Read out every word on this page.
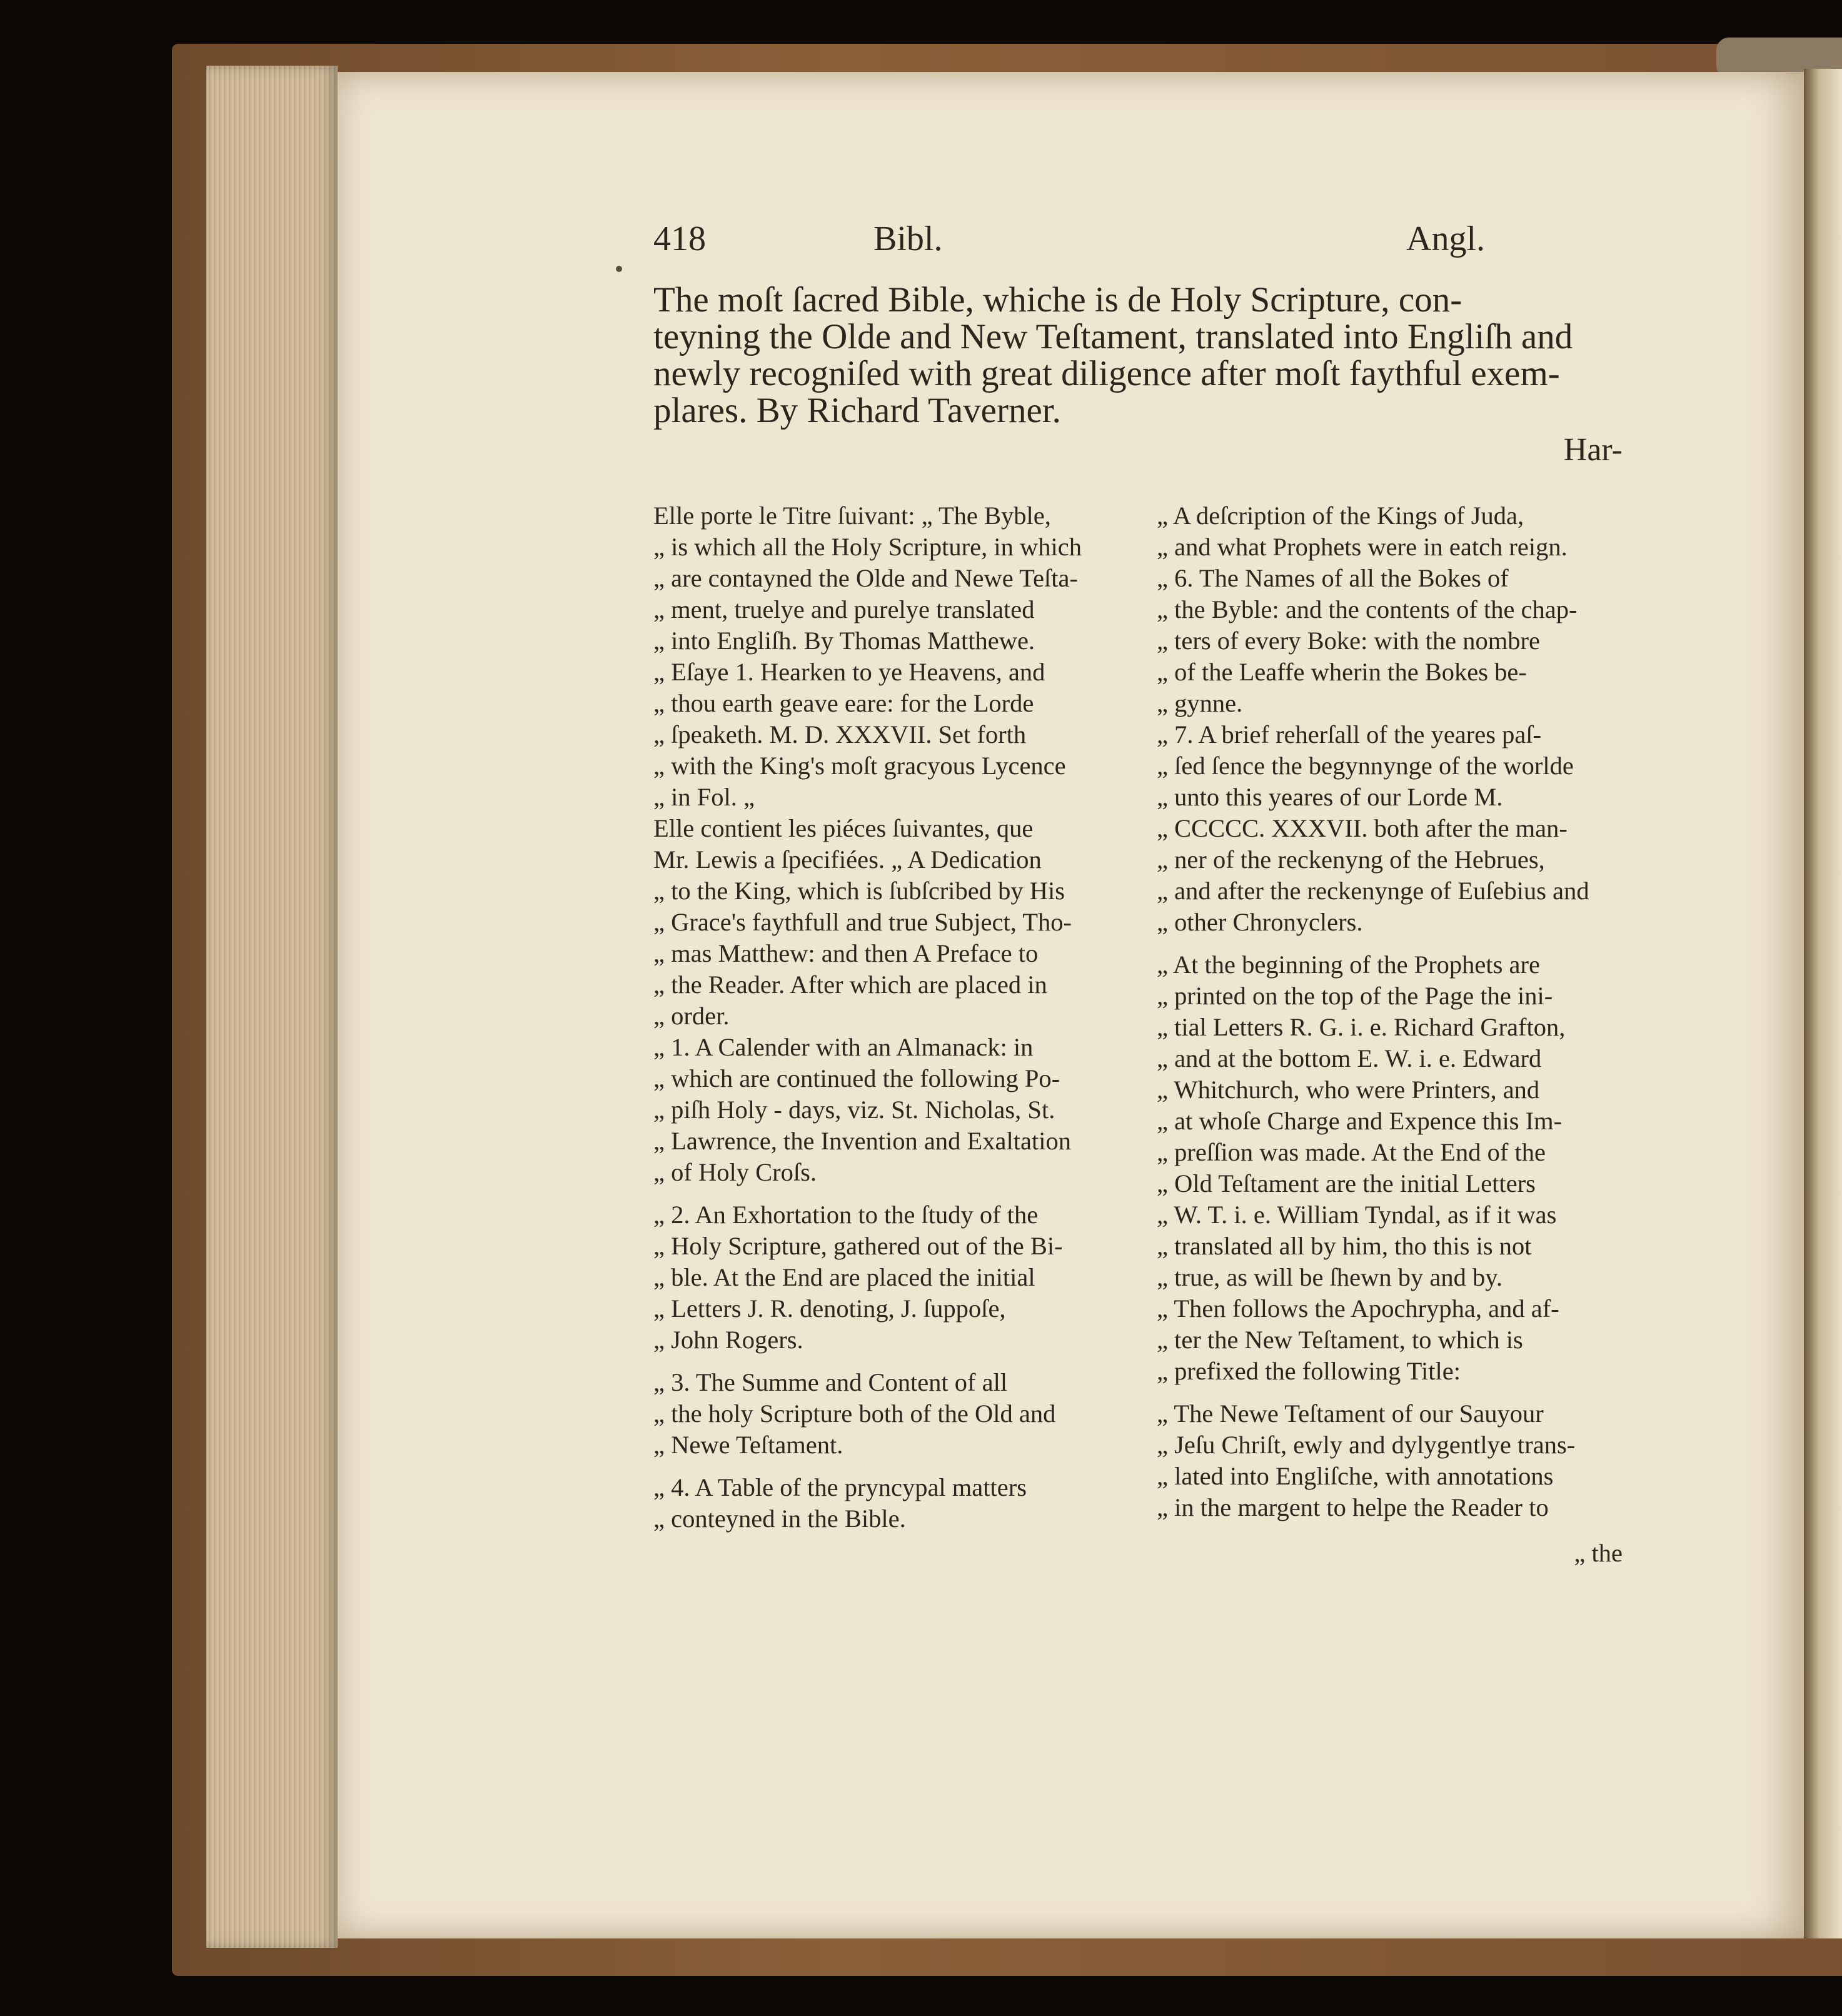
418	Bibl.	Angl.
The moſt ſacred Bible, whiche is de Holy Scripture, con-
teyning the Olde and New Teſtament, translated into Engliſh and
newly recogniſed with great diligence after moſt faythful exem-
plares. By Richard Taverner.
Har-
Elle porte le Titre ſuivant: „ The Byble,
„ is which all the Holy Scripture, in which
„ are contayned the Olde and Newe Teſta-
„ ment, truelye and purelye translated
„ into Engliſh. By Thomas Matthewe.
„ Eſaye 1. Hearken to ye Heavens, and
„ thou earth geave eare: for the Lorde
„ ſpeaketh. M. D. XXXVII. Set forth
„ with the King's moſt gracyous Lycence
„ in Fol. „
Elle contient les piéces ſuivantes, que
Mr. Lewis a ſpecifiées. „ A Dedication
„ to the King, which is ſubſcribed by His
„ Grace's faythfull and true Subject, Tho-
„ mas Matthew: and then A Preface to
„ the Reader. After which are placed in
„ order.
„ 1. A Calender with an Almanack: in
„ which are continued the following Po-
„ piſh Holy - days, viz. St. Nicholas, St.
„ Lawrence, the Invention and Exaltation
„ of Holy Croſs.
„ 2. An Exhortation to the ſtudy of the
„ Holy Scripture, gathered out of the Bi-
„ ble. At the End are placed the initial
„ Letters J. R. denoting, J. ſuppoſe,
„ John Rogers.
„ 3. The Summe and Content of all
„ the holy Scripture both of the Old and
„ Newe Teſtament.
„ 4. A Table of the pryncypal matters
„ conteyned in the Bible.
„ A deſcription of the Kings of Juda,
„ and what Prophets were in eatch reign.
„ 6. The Names of all the Bokes of
„ the Byble: and the contents of the chap-
„ ters of every Boke: with the nombre
„ of the Leaffe wherin the Bokes be-
„ gynne.
„ 7. A brief reherſall of the yeares paſ-
„ ſed ſence the begynnynge of the worlde
„ unto this yeares of our Lorde M.
„ CCCCC. XXXVII. both after the man-
„ ner of the reckenyng of the Hebrues,
„ and after the reckenynge of Euſebius and
„ other Chronyclers.
„ At the beginning of the Prophets are
„ printed on the top of the Page the ini-
„ tial Letters R. G. i. e. Richard Grafton,
„ and at the bottom E. W. i. e. Edward
„ Whitchurch, who were Printers, and
„ at whoſe Charge and Expence this Im-
„ preſſion was made. At the End of the
„ Old Teſtament are the initial Letters
„ W. T. i. e. William Tyndal, as if it was
„ translated all by him, tho this is not
„ true, as will be ſhewn by and by.
„ Then follows the Apochrypha, and af-
„ ter the New Teſtament, to which is
„ prefixed the following Title:
„ The Newe Teſtament of our Sauyour
„ Jeſu Chriſt, ewly and dylygentlye trans-
„ lated into Engliſche, with annotations
„ in the margent to helpe the Reader to
„ the
